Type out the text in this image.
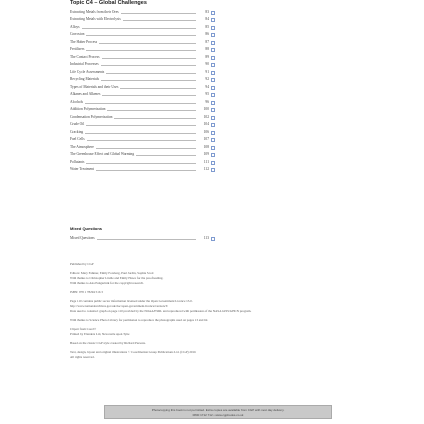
Topic C4 – Global Challenges
Extracting Metals from their Ores	83
Extracting Metals with Electrolysis	84
Alloys	85
Corrosion	86
The Haber Process	87
Fertilisers	88
The Contact Process	89
Industrial Processes	90
Life Cycle Assessments	91
Recycling Materials	92
Types of Materials and their Uses	94
Alkanes and Alkenes	95
Alcohols	96
Addition Polymerisation	100
Condensation Polymerisation	102
Crude Oil	104
Cracking	106
Fuel Cells	107
The Atmosphere	108
The Greenhouse Effect and Global Warming	109
Pollutants	111
Water Treatment	112
Mixed Questions
Mixed Questions	113
Published by CGP
Editors: Mary Falkner, Emily Forsberg, Paul Jordin, Sophie Scott
With thanks to Christopher Lindle and Emily Howe for the proofreading.
With thanks to Ana Pungartnik for the copyright research.
ISBN: 978 1 78294 516 3
Page 110 contains public sector information licensed under the Open Government Licence v3.0.
http://www.nationalarchives.gov.uk/doc/open-government-licence/version/3/
Data used to construct graph on page 110 provided by the NOAA/ESRL and reproduced with permission of the NASA GISS/GHCN program.
With thanks to Science Photo Library for permission to reproduce the photographs used on pages 13 and 62.
Clipart from Corel®
Printed by Elanders Ltd, Newcastle upon Tyne
Based on the classic CGP style created by Richard Parsons.
Text, design, layout and original illustrations © Coordination Group Publications Ltd. (CGP) 2016
All rights reserved.
Photocopying this book is not permitted. Extra copies are available from CGP with next day delivery.
0800 1712 712 • www.cgpbooks.co.uk
